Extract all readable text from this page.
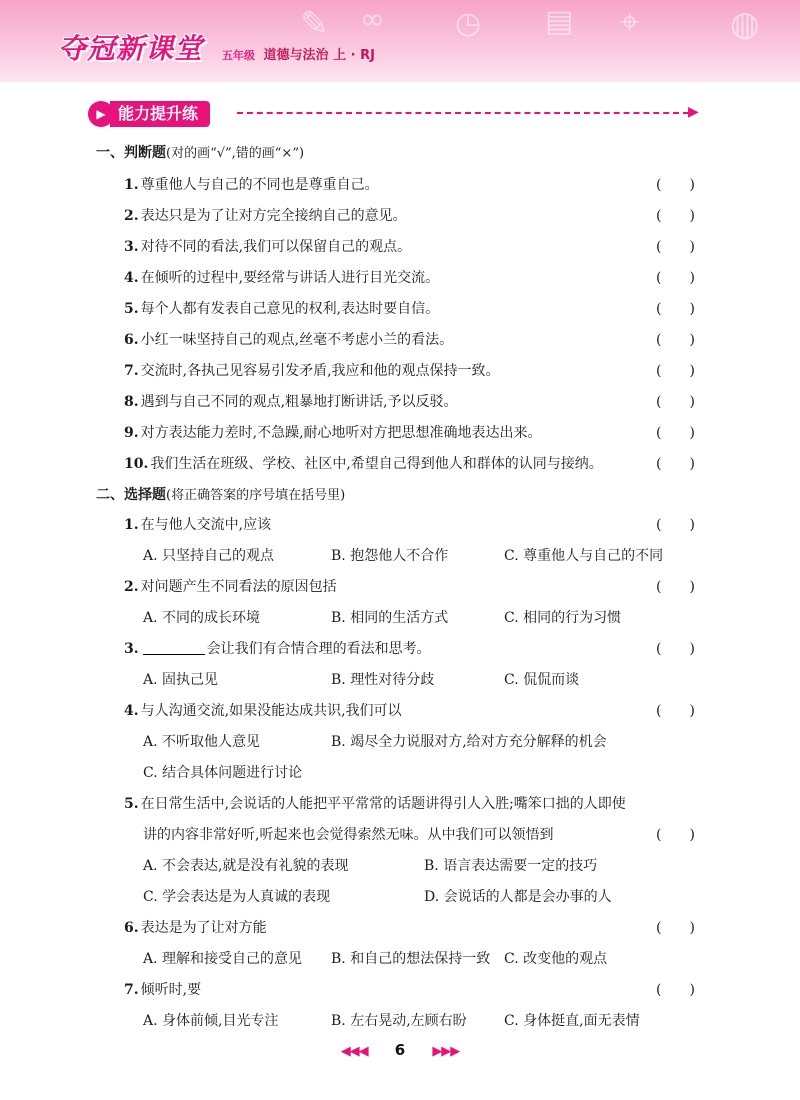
✎ ∞ ◷ ▤ ⌖	◍
夺冠新课堂 五年级 道德与法治 上 · RJ
▶ 能力提升练	▶
一、判断题(对的画“√”,错的画“×”)
1. 尊重他人与自己的不同也是尊重自己。	(　　)
2. 表达只是为了让对方完全接纳自己的意见。	(　　)
3. 对待不同的看法,我们可以保留自己的观点。	(　　)
4. 在倾听的过程中,要经常与讲话人进行目光交流。	(　　)
5. 每个人都有发表自己意见的权利,表达时要自信。	(　　)
6. 小红一味坚持自己的观点,丝毫不考虑小兰的看法。	(　　)
7. 交流时,各执己见容易引发矛盾,我应和他的观点保持一致。	(　　)
8. 遇到与自己不同的观点,粗暴地打断讲话,予以反驳。	(　　)
9. 对方表达能力差时,不急躁,耐心地听对方把思想准确地表达出来。	(　　)
10. 我们生活在班级、学校、社区中,希望自己得到他人和群体的认同与接纳。	(　　)
二、选择题(将正确答案的序号填在括号里)
1. 在与他人交流中,应该	(　　)
A. 只坚持自己的观点	B. 抱怨他人不合作	C. 尊重他人与自己的不同
2. 对问题产生不同看法的原因包括	(　　)
A. 不同的成长环境	B. 相同的生活方式	C. 相同的行为习惯
3.	会让我们有合情合理的看法和思考。	(　　)
A. 固执己见	B. 理性对待分歧	C. 侃侃而谈
4. 与人沟通交流,如果没能达成共识,我们可以	(　　)
A. 不听取他人意见	B. 竭尽全力说服对方,给对方充分解释的机会
C. 结合具体问题进行讨论
5. 在日常生活中,会说话的人能把平平常常的话题讲得引人入胜;嘴笨口拙的人即使
讲的内容非常好听,听起来也会觉得索然无味。从中我们可以领悟到	(　　)
A. 不会表达,就是没有礼貌的表现	B. 语言表达需要一定的技巧
C. 学会表达是为人真诚的表现	D. 会说话的人都是会办事的人
6. 表达是为了让对方能	(　　)
A. 理解和接受自己的意见 B. 和自己的想法保持一致 C. 改变他的观点
7. 倾听时,要	(　　)
A. 身体前倾,目光专注	B. 左右晃动,左顾右盼	C. 身体挺直,面无表情
◀◀◀ 6 ▶▶▶
